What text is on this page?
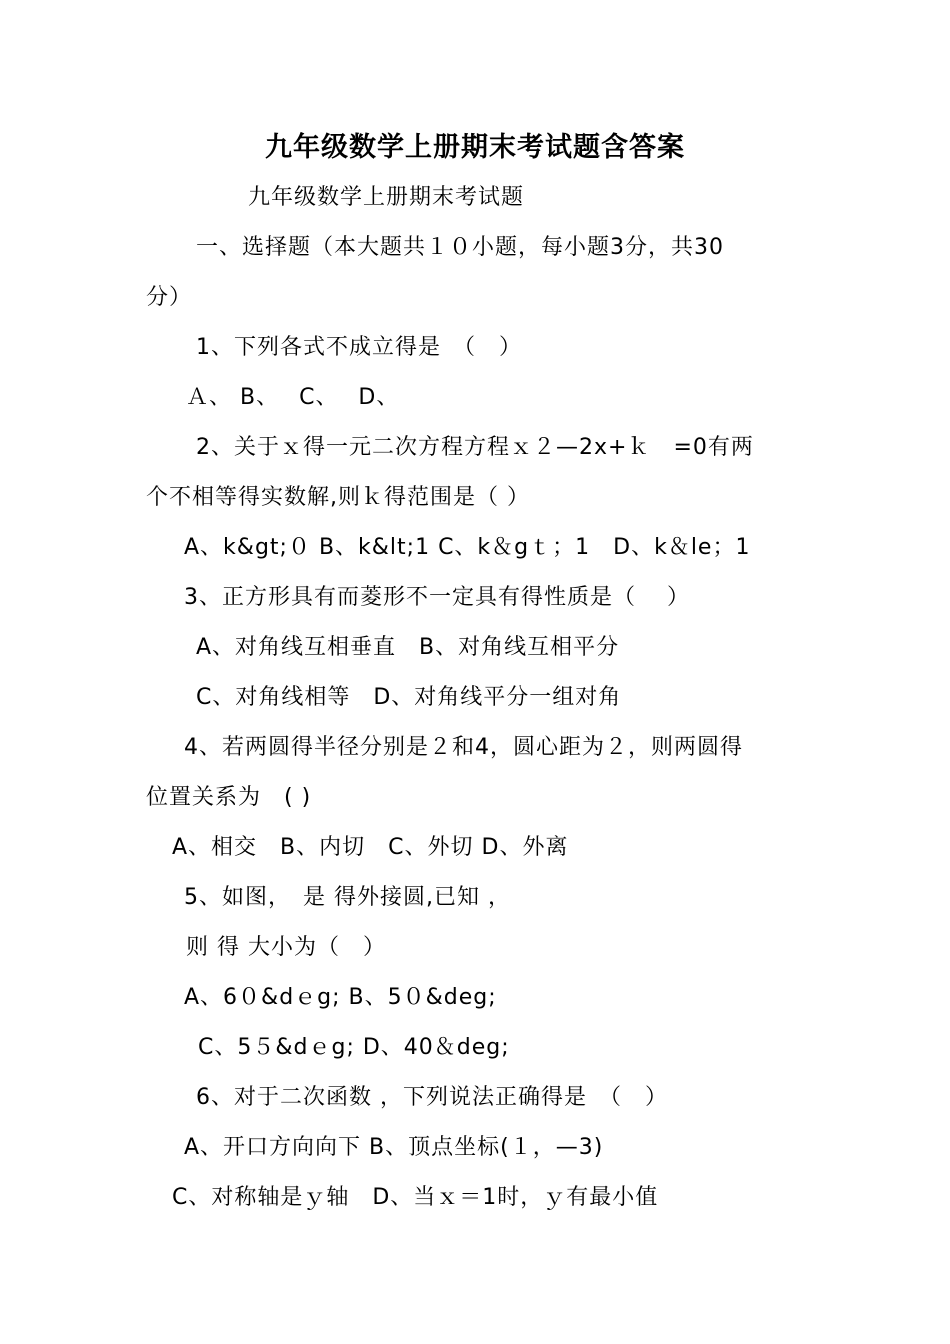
九年级数学上册期末考试题含答案
九年级数学上册期末考试题
一、选择题（本大题共１０小题，每小题3分，共30
分）
1、下列各式不成立得是　（　）
Ａ、 B、　 C、　 D、
2、关于ｘ得一元二次方程方程ｘ２—2x+ｋ　=0有两
个不相等得实数解,则ｋ得范围是（ ）
A、k&gt;０ B、k&lt;1 C、k＆gｔ；1　D、k＆le；1
3、正方形具有而菱形不一定具有得性质是（　 ）
A、对角线互相垂直　B、对角线互相平分
C、对角线相等　D、对角线平分一组对角
4、若两圆得半径分别是２和4，圆心距为２，则两圆得
位置关系为　( )
A、相交　B、内切　C、外切 D、外离
5、如图，　是 得外接圆,已知 ，
则 得 大小为（　）
A、6０&dｅg; B、5０&deg;
C、5５&dｅg; D、40＆deg;
6、对于二次函数 ，下列说法正确得是　（　）
A、开口方向向下 B、顶点坐标(１，—3)
C、对称轴是ｙ轴　D、当ｘ＝1时，ｙ有最小值
